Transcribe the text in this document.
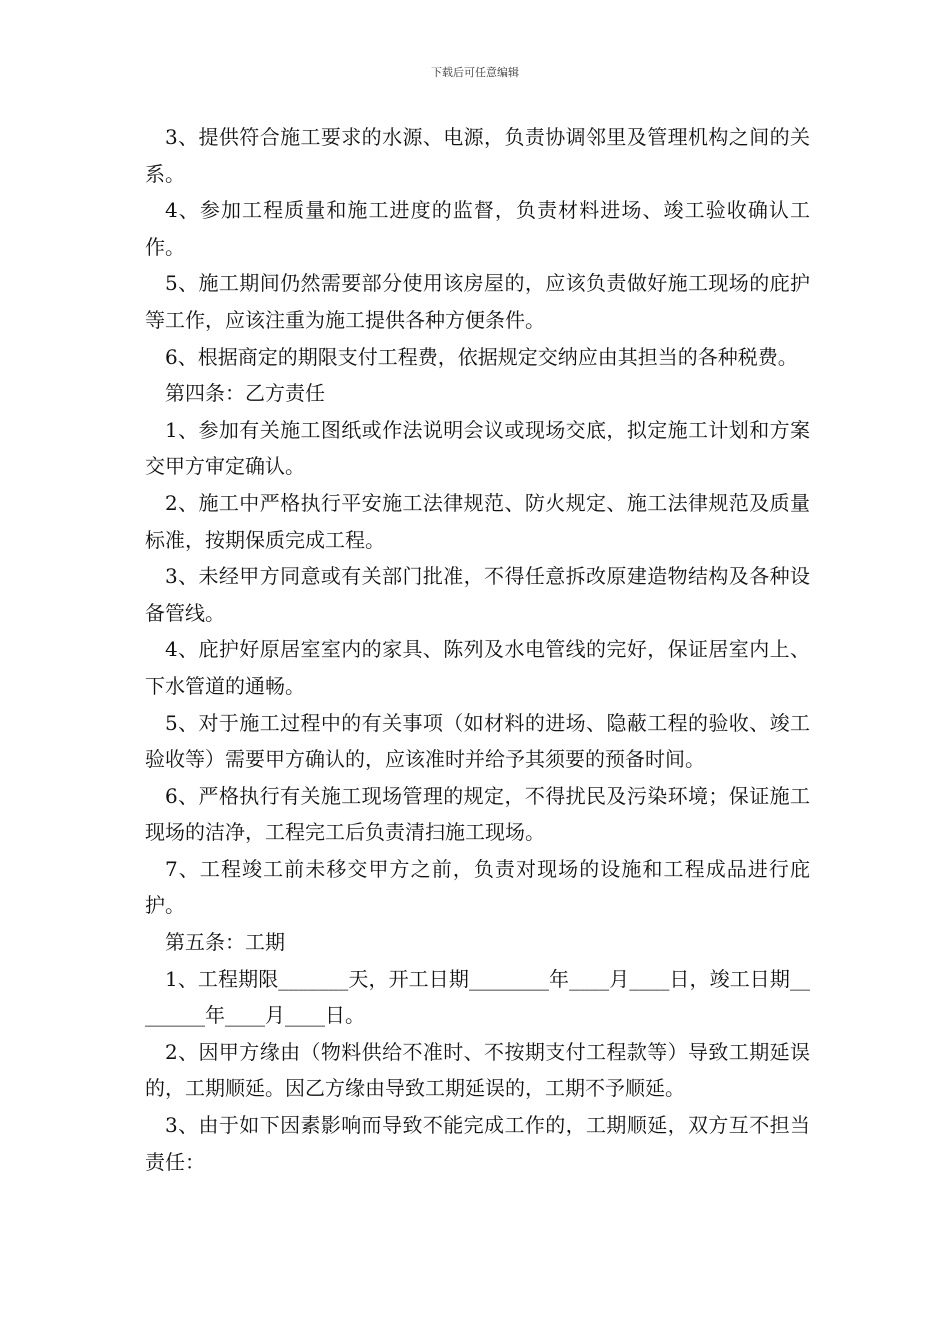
下载后可任意编辑

3、提供符合施工要求的水源、电源，负责协调邻里及管理机构之间的关系。

4、参加工程质量和施工进度的监督，负责材料进场、竣工验收确认工作。

5、施工期间仍然需要部分使用该房屋的，应该负责做好施工现场的庇护等工作，应该注重为施工提供各种方便条件。

6、根据商定的期限支付工程费，依据规定交纳应由其担当的各种税费。

第四条：乙方责任

1、参加有关施工图纸或作法说明会议或现场交底，拟定施工计划和方案交甲方审定确认。

2、施工中严格执行平安施工法律规范、防火规定、施工法律规范及质量标准，按期保质完成工程。

3、未经甲方同意或有关部门批准，不得任意拆改原建造物结构及各种设备管线。

4、庇护好原居室室内的家具、陈列及水电管线的完好，保证居室内上、下水管道的通畅。

5、对于施工过程中的有关事项（如材料的进场、隐蔽工程的验收、竣工验收等）需要甲方确认的，应该准时并给予其须要的预备时间。

6、严格执行有关施工现场管理的规定，不得扰民及污染环境；保证施工现场的洁净，工程完工后负责清扫施工现场。

7、工程竣工前未移交甲方之前，负责对现场的设施和工程成品进行庇护。

第五条：工期

1、工程期限_______天，开工日期________年____月____日，竣工日期________年____月____日。

2、因甲方缘由（物料供给不准时、不按期支付工程款等）导致工期延误的，工期顺延。因乙方缘由导致工期延误的，工期不予顺延。

3、由于如下因素影响而导致不能完成工作的，工期顺延，双方互不担当责任：
